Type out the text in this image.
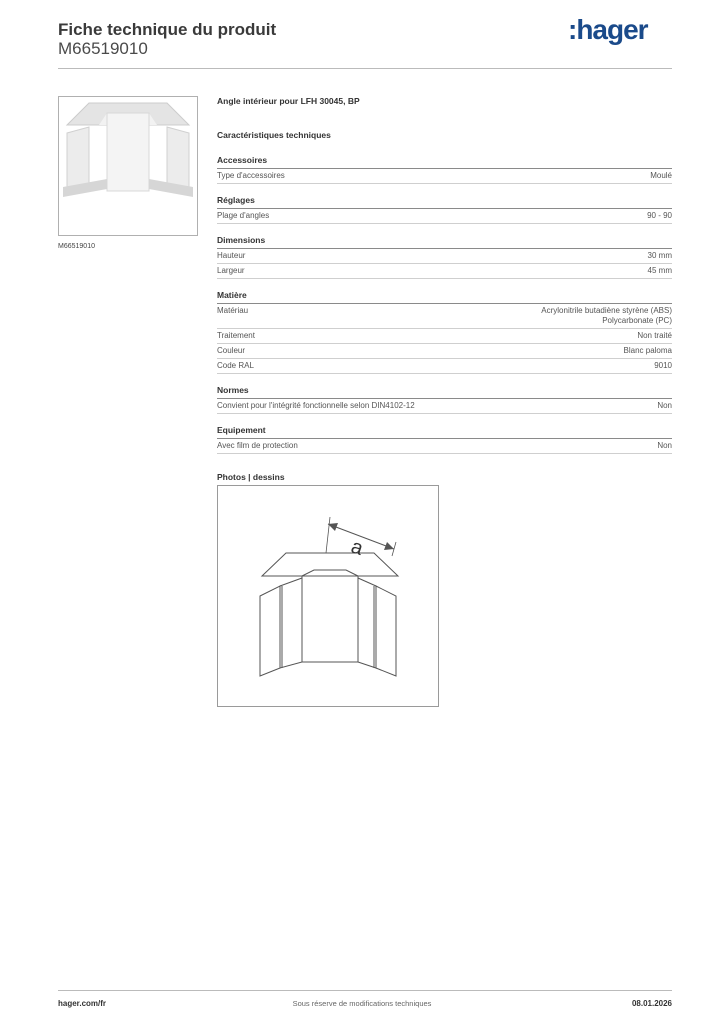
Fiche technique du produit
M66519010
:hager
M66519010
Angle intérieur pour LFH 30045, BP
Caractéristiques techniques
Accessoires
Type d'accessoires	Moulé
Réglages
Plage d'angles	90 - 90
Dimensions
Hauteur	30 mm
Largeur	45 mm
Matière
Matériau	Acrylonitrile butadiène styrène (ABS)
Polycarbonate (PC)
Traitement	Non traité
Couleur	Blanc paloma
Code RAL	9010
Normes
Convient pour l'intégrité fonctionnelle selon DIN4102-12	Non
Equipement
Avec film de protection	Non
Photos | dessins
a
hager.com/fr	Sous réserve de modifications techniques	08.01.2026
